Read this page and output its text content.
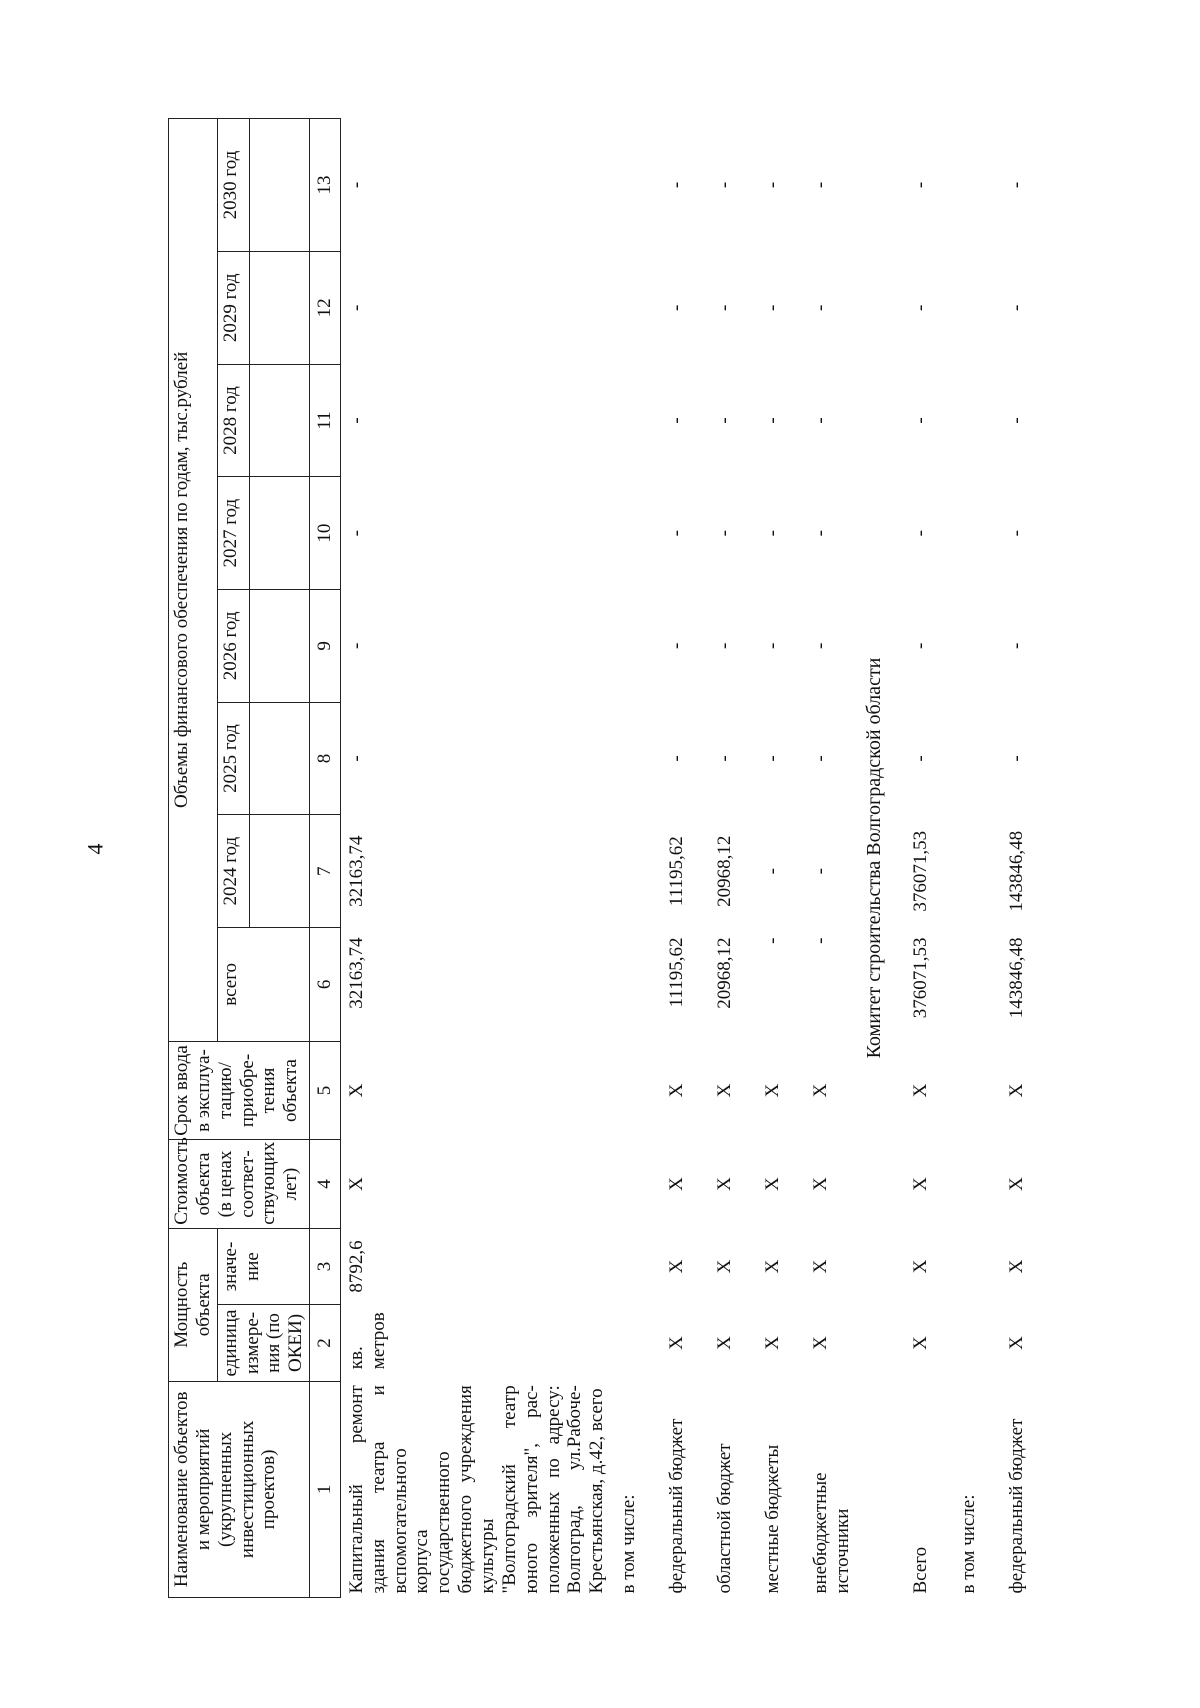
4
Наименование объектов и мероприятий (укрупненных инвестиционных проектов)	Мощность объекта		Стоимость объекта (в ценах соответ-ствующих лет)	Срок ввода в эксплуа-тацию/ приобре-тения объекта	Объемы финансового обеспечения по годам, тыс.рублей							
	единица измере-ния (по ОКЕИ)	значе-ние			всего	2024 год	2025 год	2026 год	2027 год	2028 год	2029 год	2030 год

1	2	3	4	5	6	7	8	9	10	11	12	13
Капитальный ремонт здания театра и вспомогательного корпуса государственного бюджетного учреждения культуры "Волгоградский театр юного зрителя", рас-положенных по адресу: Волгоград, ул.Рабоче-Крестьянская, д.42, всего	кв. метров	8792,6	X	X	32163,74	32163,74	-	-	-	-	-	-
в том числе:												
федеральный бюджет	X	X	X	X	11195,62	11195,62	-	-	-	-	-	-
областной бюджет	X	X	X	X	20968,12	20968,12	-	-	-	-	-	-
местные бюджеты	X	X	X	X	-	-	-	-	-	-	-	-
внебюджетные источники	X	X	X	X	-	-	-	-	-	-	-	-
Комитет строительства Волгоградской области												
Всего	X	X	X	X	376071,53	376071,53	-	-	-	-	-	-
в том числе:												
федеральный бюджет	X	X	X	X	143846,48	143846,48	-	-	-	-	-	-
